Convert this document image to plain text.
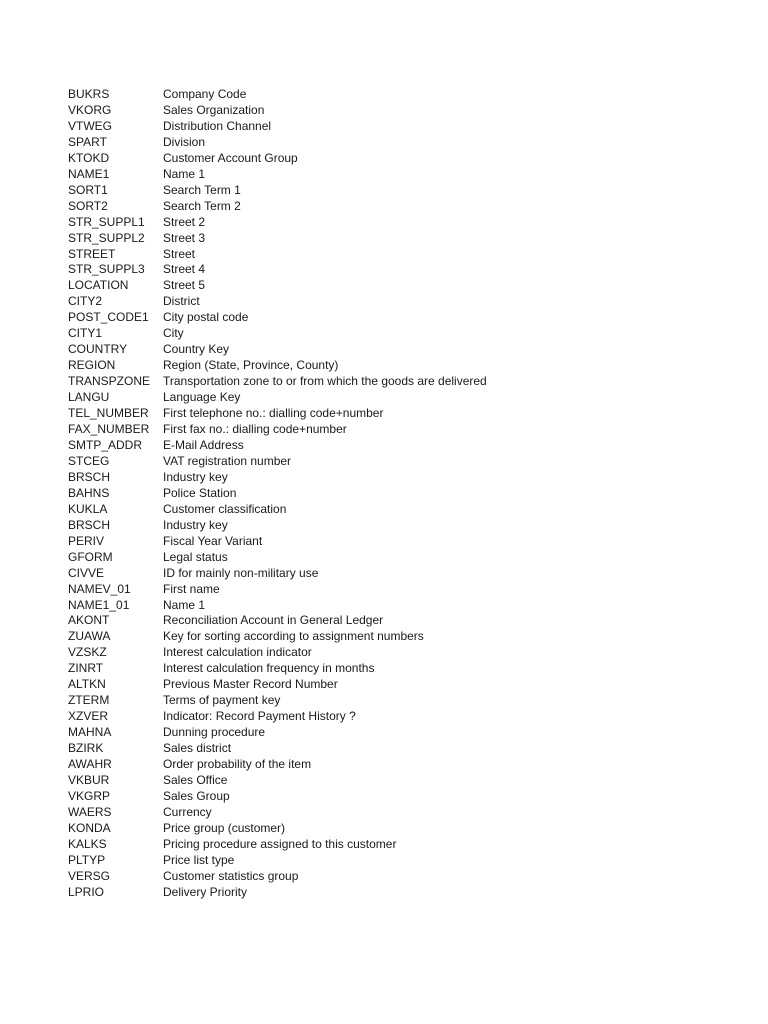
BUKRS	Company Code
VKORG	Sales Organization
VTWEG	Distribution Channel
SPART	Division
KTOKD	Customer Account Group
NAME1	Name 1
SORT1	Search Term 1
SORT2	Search Term 2
STR_SUPPL1	Street 2
STR_SUPPL2	Street 3
STREET	Street
STR_SUPPL3	Street 4
LOCATION	Street 5
CITY2	District
POST_CODE1	City postal code
CITY1	City
COUNTRY	Country Key
REGION	Region (State, Province, County)
TRANSPZONE	Transportation zone to or from which the goods are delivered
LANGU	Language Key
TEL_NUMBER	First telephone no.: dialling code+number
FAX_NUMBER	First fax no.: dialling code+number
SMTP_ADDR	E-Mail Address
STCEG	VAT registration number
BRSCH	Industry key
BAHNS	Police Station
KUKLA	Customer classification
BRSCH	Industry key
PERIV	Fiscal Year Variant
GFORM	Legal status
CIVVE	ID for mainly non-military use
NAMEV_01	First name
NAME1_01	Name 1
AKONT	Reconciliation Account in General Ledger
ZUAWA	Key for sorting according to assignment numbers
VZSKZ	Interest calculation indicator
ZINRT	Interest calculation frequency in months
ALTKN	Previous Master Record Number
ZTERM	Terms of payment key
XZVER	Indicator: Record Payment History ?
MAHNA	Dunning procedure
BZIRK	Sales district
AWAHR	Order probability of the item
VKBUR	Sales Office
VKGRP	Sales Group
WAERS	Currency
KONDA	Price group (customer)
KALKS	Pricing procedure assigned to this customer
PLTYP	Price list type
VERSG	Customer statistics group
LPRIO	Delivery Priority
